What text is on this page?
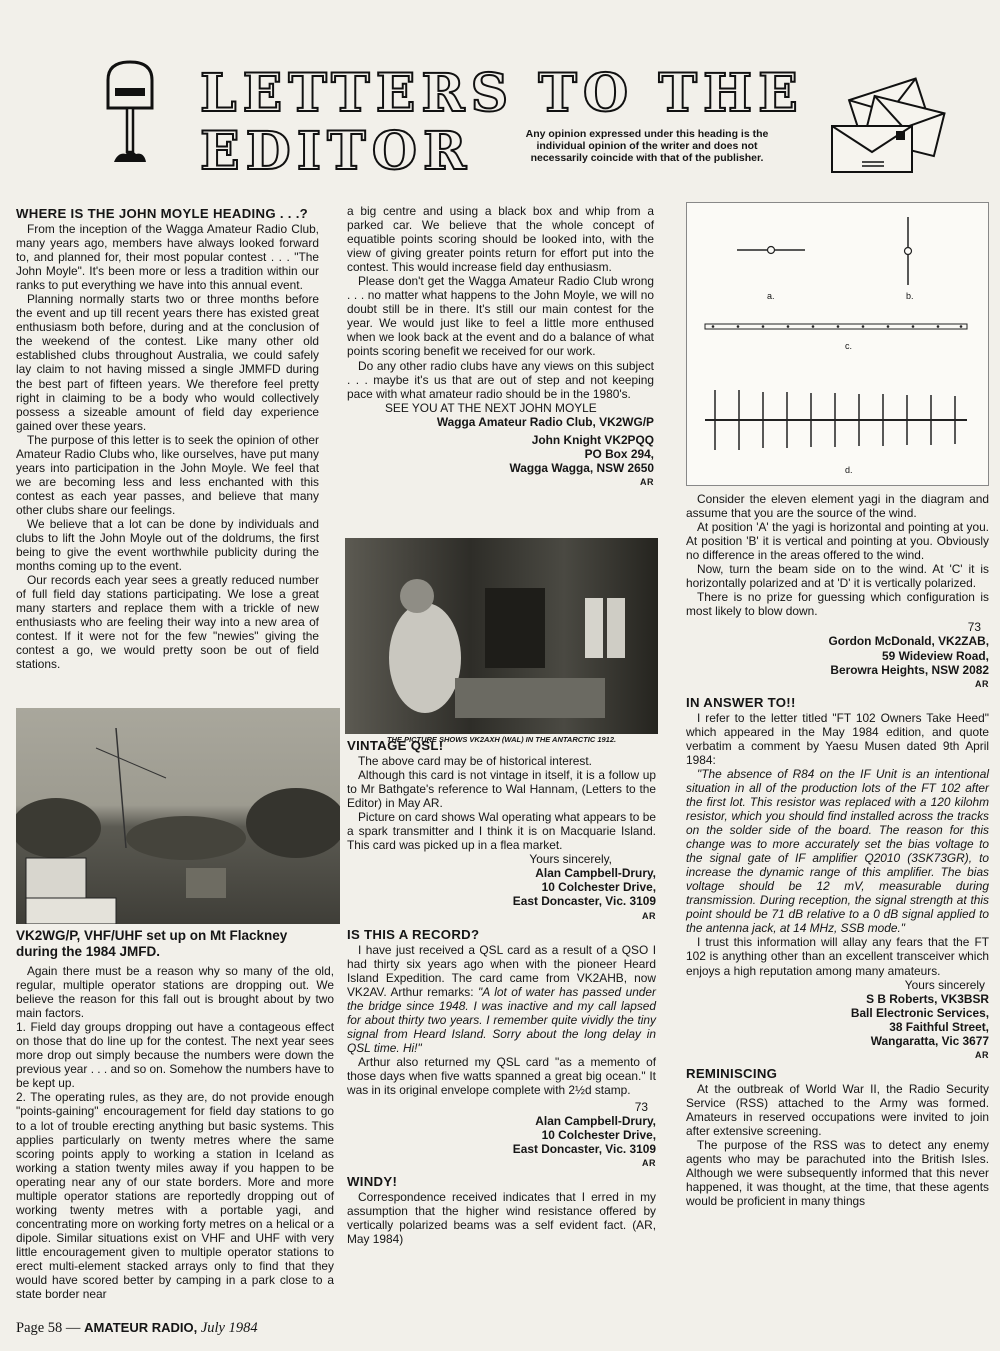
LETTERS TO THE
EDITOR	Any opinion expressed under this heading is the individual opinion of the writer and does not necessarily coincide with that of the publisher.
WHERE IS THE JOHN MOYLE HEADING . . .?

From the inception of the Wagga Amateur Radio Club, many years ago, members have always looked forward to, and planned for, their most popular contest . . . "The John Moyle". It's been more or less a tradition within our ranks to put everything we have into this annual event.

Planning normally starts two or three months before the event and up till recent years there has existed great enthusiasm both before, during and at the conclusion of the weekend of the contest. Like many other old established clubs throughout Australia, we could safely lay claim to not having missed a single JMMFD during the best part of fifteen years. We therefore feel pretty right in claiming to be a body who would collectively possess a sizeable amount of field day experience gained over these years.

The purpose of this letter is to seek the opinion of other Amateur Radio Clubs who, like ourselves, have put many years into participation in the John Moyle. We feel that we are becoming less and less enchanted with this contest as each year passes, and believe that many other clubs share our feelings.

We believe that a lot can be done by individuals and clubs to lift the John Moyle out of the doldrums, the first being to give the event worthwhile publicity during the months coming up to the event.

Our records each year sees a greatly reduced number of full field day stations participating. We lose a great many starters and replace them with a trickle of new enthusiasts who are feeling their way into a new area of contest. If it were not for the few "newies" giving the contest a go, we would pretty soon be out of field stations.

VK2WG/P, VHF/UHF set up on Mt Flackney during the 1984 JMFD.

Again there must be a reason why so many of the old, regular, multiple operator stations are dropping out. We believe the reason for this fall out is brought about by two main factors.

1. Field day groups dropping out have a contageous effect on those that do line up for the contest. The next year sees more drop out simply because the numbers were down the previous year . . . and so on. Somehow the numbers have to be kept up.

2. The operating rules, as they are, do not provide enough "points-gaining" encouragement for field day stations to go to a lot of trouble erecting anything but basic systems. This applies particularly on twenty metres where the same scoring points apply to working a station in Iceland as working a station twenty miles away if you happen to be operating near any of our state borders. More and more multiple operator stations are reportedly dropping out of working twenty metres with a portable yagi, and concentrating more on working forty metres on a helical or a dipole. Similar situations exist on VHF and UHF with very little encouragement given to multiple operator stations to erect multi-element stacked arrays only to find that they would have scored better by camping in a park close to a state border near

a big centre and using a black box and whip from a parked car. We believe that the whole concept of equatible points scoring should be looked into, with the view of giving greater points return for effort put into the contest. This would increase field day enthusiasm.

Please don't get the Wagga Amateur Radio Club wrong . . . no matter what happens to the John Moyle, we will no doubt still be in there. It's still our main contest for the year. We would just like to feel a little more enthused when we look back at the event and do a balance of what points scoring benefit we received for our work.

Do any other radio clubs have any views on this subject . . . maybe it's us that are out of step and not keeping pace with what amateur radio should be in the 1980's.

SEE YOU AT THE NEXT JOHN MOYLE
Wagga Amateur Radio Club, VK2WG/P
John Knight VK2PQQ
PO Box 294,
Wagga Wagga, NSW 2650
AR
THE PICTURE SHOWS VK2AXH (WAL) IN THE ANTARCTIC 1912.
VINTAGE QSL!

The above card may be of historical interest.

Although this card is not vintage in itself, it is a follow up to Mr Bathgate's reference to Wal Hannam, (Letters to the Editor) in May AR.

Picture on card shows Wal operating what appears to be a spark transmitter and I think it is on Macquarie Island. This card was picked up in a flea market.

Yours sincerely,
Alan Campbell-Drury,
10 Colchester Drive,
East Doncaster, Vic. 3109
AR
IS THIS A RECORD?

I have just received a QSL card as a result of a QSO I had thirty six years ago when with the pioneer Heard Island Expedition. The card came from VK2AHB, now VK2AV. Arthur remarks: "A lot of water has passed under the bridge since 1948. I was inactive and my call lapsed for about thirty two years. I remember quite vividly the tiny signal from Heard Island. Sorry about the long delay in QSL time. Hi!"

Arthur also returned my QSL card "as a memento of those days when five watts spanned a great big ocean." It was in its original envelope complete with 2½d stamp.

73
Alan Campbell-Drury,
10 Colchester Drive,
East Doncaster, Vic. 3109
AR
WINDY!

Correspondence received indicates that I erred in my assumption that the higher wind resistance offered by vertically polarized beams was a self evident fact. (AR, May 1984)

a.	b.
c.
d.

Consider the eleven element yagi in the diagram and assume that you are the source of the wind.

At position 'A' the yagi is horizontal and pointing at you. At position 'B' it is vertical and pointing at you. Obviously no difference in the areas offered to the wind.

Now, turn the beam side on to the wind. At 'C' it is horizontally polarized and at 'D' it is vertically polarized.

There is no prize for guessing which configuration is most likely to blow down.

73
Gordon McDonald, VK2ZAB,
59 Wideview Road,
Berowra Heights, NSW 2082
AR
IN ANSWER TO!!

I refer to the letter titled "FT 102 Owners Take Heed" which appeared in the May 1984 edition, and quote verbatim a comment by Yaesu Musen dated 9th April 1984:

"The absence of R84 on the IF Unit is an intentional situation in all of the production lots of the FT 102 after the first lot. This resistor was replaced with a 120 kilohm resistor, which you should find installed across the tracks on the solder side of the board. The reason for this change was to more accurately set the bias voltage to the signal gate of IF amplifier Q2010 (3SK73GR), to increase the dynamic range of this amplifier. The bias voltage should be 12 mV, measurable during transmission. During reception, the signal strength at this point should be 71 dB relative to a 0 dB signal applied to the antenna jack, at 14 MHz, SSB mode."

I trust this information will allay any fears that the FT 102 is anything other than an excellent transceiver which enjoys a high reputation among many amateurs.

Yours sincerely
S B Roberts, VK3BSR
Ball Electronic Services,
38 Faithful Street,
Wangaratta, Vic 3677
AR
REMINISCING

At the outbreak of World War II, the Radio Security Service (RSS) attached to the Army was formed. Amateurs in reserved occupations were invited to join after extensive screening.

The purpose of the RSS was to detect any enemy agents who may be parachuted into the British Isles. Although we were subsequently informed that this never happened, it was thought, at the time, that these agents would be proficient in many things

Page 58 — AMATEUR RADIO, July 1984
